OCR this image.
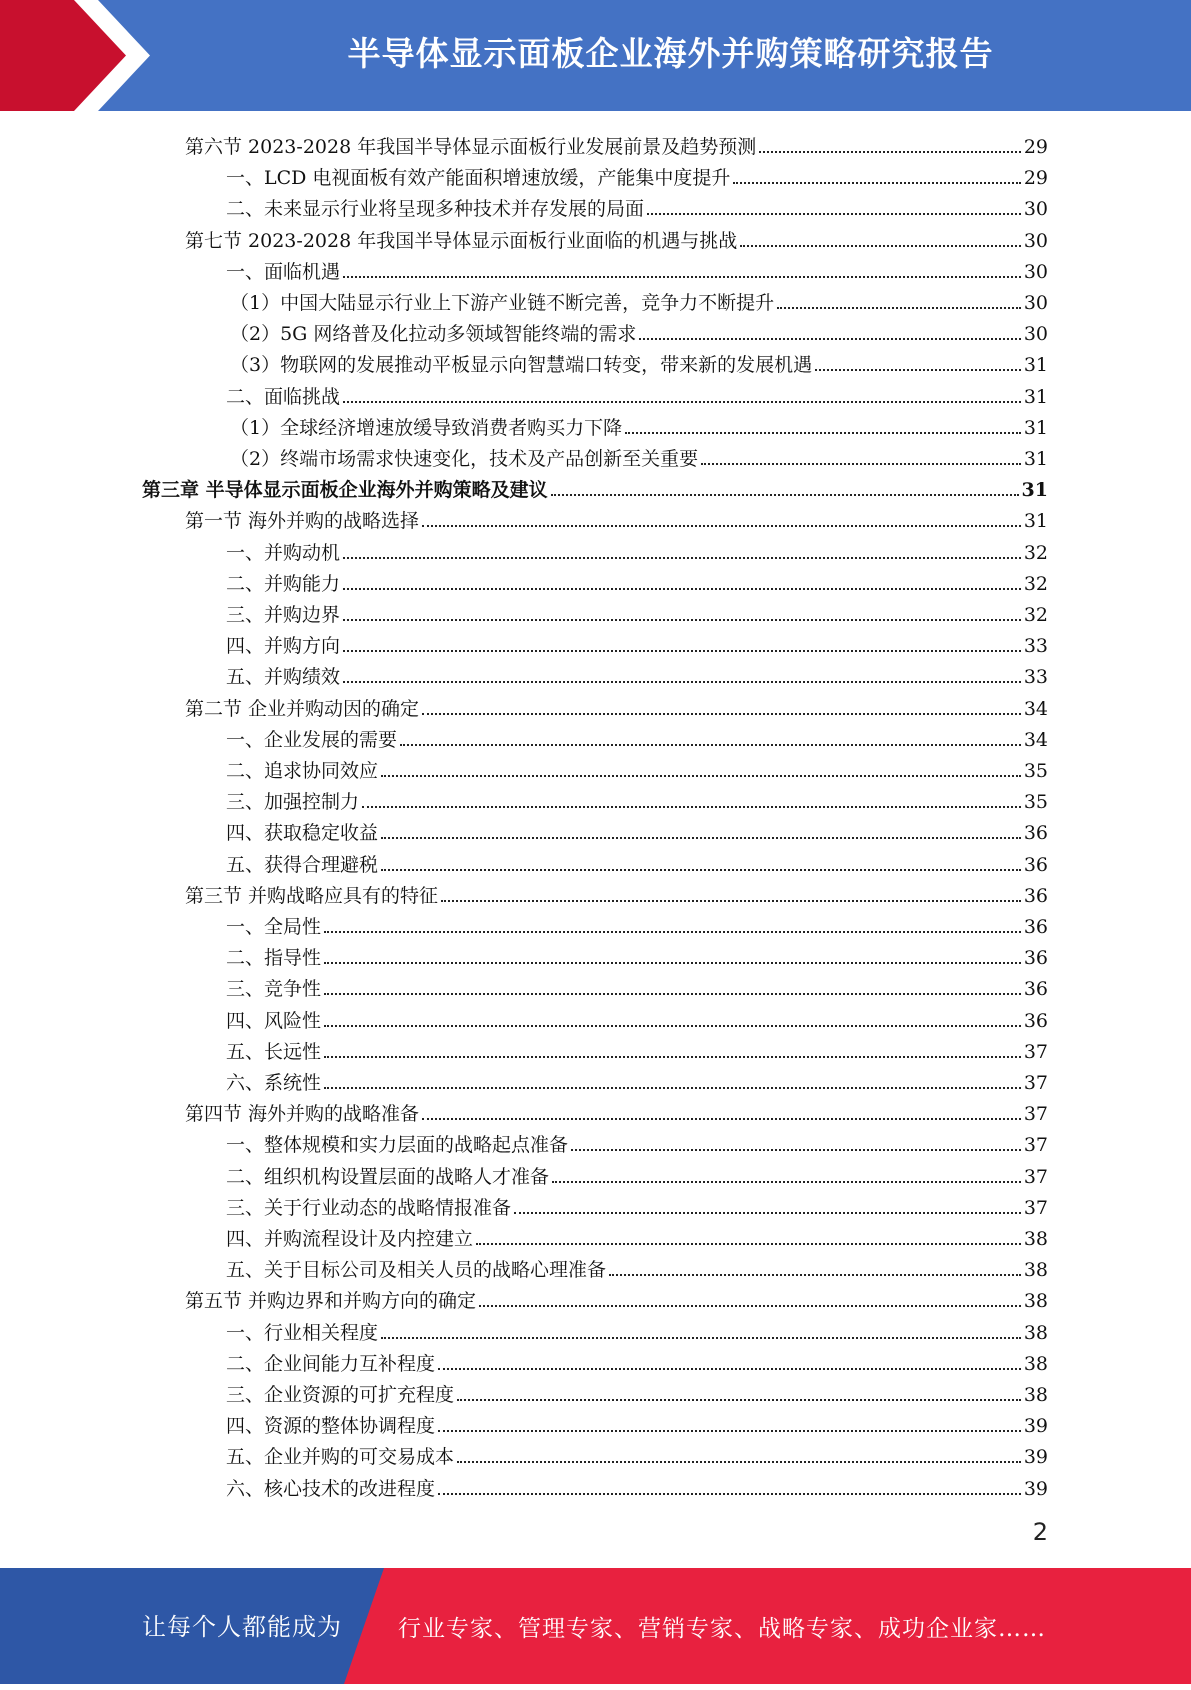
半导体显示面板企业海外并购策略研究报告
第六节 2023-2028 年我国半导体显示面板行业发展前景及趋势预测	29
一、LCD 电视面板有效产能面积增速放缓，产能集中度提升	29
二、未来显示行业将呈现多种技术并存发展的局面	30
第七节 2023-2028 年我国半导体显示面板行业面临的机遇与挑战	30
一、面临机遇	30
（1）中国大陆显示行业上下游产业链不断完善，竞争力不断提升	30
（2）5G 网络普及化拉动多领域智能终端的需求	30
（3）物联网的发展推动平板显示向智慧端口转变，带来新的发展机遇	31
二、面临挑战	31
（1）全球经济增速放缓导致消费者购买力下降	31
（2）终端市场需求快速变化，技术及产品创新至关重要	31
第三章 半导体显示面板企业海外并购策略及建议	31
第一节 海外并购的战略选择	31
一、并购动机	32
二、并购能力	32
三、并购边界	32
四、并购方向	33
五、并购绩效	33
第二节 企业并购动因的确定	34
一、企业发展的需要	34
二、追求协同效应	35
三、加强控制力	35
四、获取稳定收益	36
五、获得合理避税	36
第三节 并购战略应具有的特征	36
一、全局性	36
二、指导性	36
三、竞争性	36
四、风险性	36
五、长远性	37
六、系统性	37
第四节 海外并购的战略准备	37
一、整体规模和实力层面的战略起点准备	37
二、组织机构设置层面的战略人才准备	37
三、关于行业动态的战略情报准备	37
四、并购流程设计及内控建立	38
五、关于目标公司及相关人员的战略心理准备	38
第五节 并购边界和并购方向的确定	38
一、行业相关程度	38
二、企业间能力互补程度	38
三、企业资源的可扩充程度	38
四、资源的整体协调程度	39
五、企业并购的可交易成本	39
六、核心技术的改进程度	39
2
让每个人都能成为 行业专家、管理专家、营销专家、战略专家、成功企业家……
